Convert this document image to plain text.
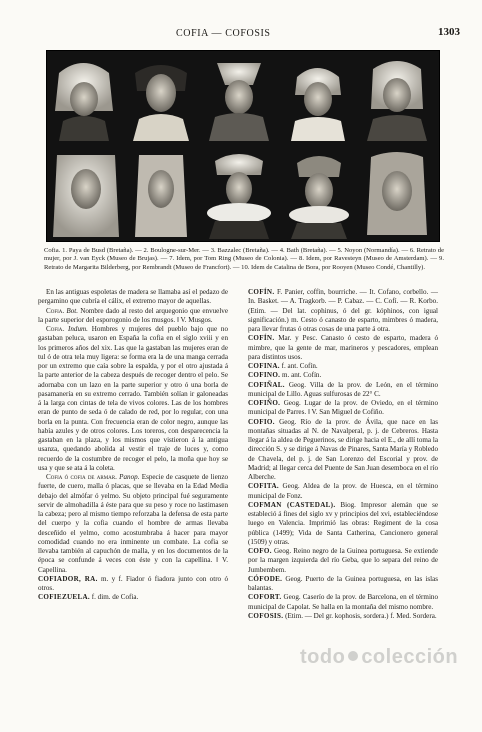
COFIA — COFOSIS	1303
Cofia. 1. Paya de Busd (Bretaña). — 2. Boulogne-sur-Mer. — 3. Bazzalec (Bretaña). — 4. Bath (Bretaña). — 5. Noyon (Normandía). — 6. Retrato de mujer, por J. van Eyck (Museo de Brujas). — 7. Idem, por Tom Ring (Museo de Colonia). — 8. Idem, por Ravesteyn (Museo de Amsterdam). — 9. Retrato de Margarita Bilderberg, por Rembrandt (Museo de Francfort). — 10. Idem de Catalina de Bora, por Rooyen (Museo Condé, Chantilly).

En las antiguas espoletas de madera se llamaba así el pedazo de pergamino que cubría el cálix, el extremo mayor de aquellas.

Cofia. Bot. Nombre dado al resto del arquegonio que envuelve la parte superior del esporogonio de los musgos. ‖ V. Musgos.

Cofia. Indum. Hombres y mujeres del pueblo bajo que no gastaban peluca, usaron en España la cofia en el siglo xviii y en los primeros años del xix. Las que la gastaban las mujeres eran de tul ó de otra tela muy ligera: se forma era la de una manga cerrada por un extremo que caía sobre la espalda, y por el otro ajustada á la parte anterior de la cabeza después de recoger dentro el pelo. Se adornaba con un lazo en la parte superior y otro ó una borla de pasamanería en su extremo cerrado. También solían ir galoneadas á la larga con cintas de tela de vivos colores. Las de los hombres eran de punto de seda ó de calado de red, por lo regular, con una borla en la punta. Con frecuencia eran de color negro, aunque las había azules y de otros colores. Los toreros, con desparecencia la gastaban en la plaza, y los mismos que vistieron á la antigua usanza, quedando abolida al vestir el traje de luces y, como recuerdo de la costumbre de recoger el pelo, la moña que hoy se usa y que se ata á la coleta.

Cofia ó cofia de armar. Panop. Especie de casquete de lienzo fuerte, de cuero, malla ó placas, que se llevaba en la Edad Media debajo del almófar ó yelmo. Su objeto principal fué seguramente servir de almohadilla á éste para que su peso y roce no lastimasen la cabeza; pero al mismo tiempo reforzaba la defensa de esta parte del cuerpo y la cofia cuando el hombre de armas llevaba desceñido el yelmo, como acostumbraba á hacer para mayor comodidad cuando no era inminente un combate. La cofia se llevaba también al capuchón de malla, y en los documentos de la época se confunde á veces con éste y con la capellina. ‖ V. Capellina.

COFIADOR, RA. m. y f. Fiador ó fiadora junto con otro ó otros.

COFIEZUELA. f. dim. de Cofia.

COFÍN. F. Panier, coffin, bourriche. — It. Cofano, corbello. — In. Basket. — A. Tragkorb. — P. Cabaz. — C. Cofí. — R. Korbo. (Etim. — Del lat. cophinus, ó del gr. kóphinos, con igual significación.) m. Cesto ó canasto de esparto, mimbres ó madera, para llevar frutas ó otras cosas de una parte á otra.

COFÍN. Mar. y Pesc. Canasto ó cesto de esparto, madera ó mimbre, que la gente de mar, marineros y pescadores, emplean para distintos usos.

COFINA. f. ant. Cofín.

COFINO. m. ant. Cofín.

COFIÑAL. Geog. Villa de la prov. de León, en el término municipal de Lillo. Aguas sulfurosas de 22° C.

COFIÑO. Geog. Lugar de la prov. de Oviedo, en el término municipal de Parres. ‖ V. San Miguel de Cofiño.

COFIO. Geog. Río de la prov. de Ávila, que nace en las montañas situadas al N. de Navalperal, p. j. de Cebreros. Hasta llegar á la aldea de Peguerinos, se dirige hacia el E., de allí toma la dirección S. y se dirige á Navas de Pinares, Santa María y Robledo de Chavela, del p. j. de San Lorenzo del Escorial y prov. de Madrid; al llegar cerca del Puente de San Juan desemboca en el río Alberche.

COFITA. Geog. Aldea de la prov. de Huesca, en el término municipal de Fonz.

COFMAN (CASTEDAL). Biog. Impresor alemán que se estableció á fines del siglo xv y principios del xvi, estableciéndose luego en Valencia. Imprimió las obras: Regiment de la cosa pública (1499); Vida de Santa Catherina, Cancionero general (1509) y otras.

COFO. Geog. Reino negro de la Guinea portuguesa. Se extiende por la margen izquierda del río Geba, que lo separa del reino de Jumbembem.

CÓFODE. Geog. Puerto de la Guinea portuguesa, en las islas balantas.

COFORT. Geog. Caserío de la prov. de Barcelona, en el término municipal de Capolat. Se halla en la montaña del mismo nombre.

COFOSIS. (Etim. — Del gr. kophosis, sordera.) f. Med. Sordera.

todo colección
